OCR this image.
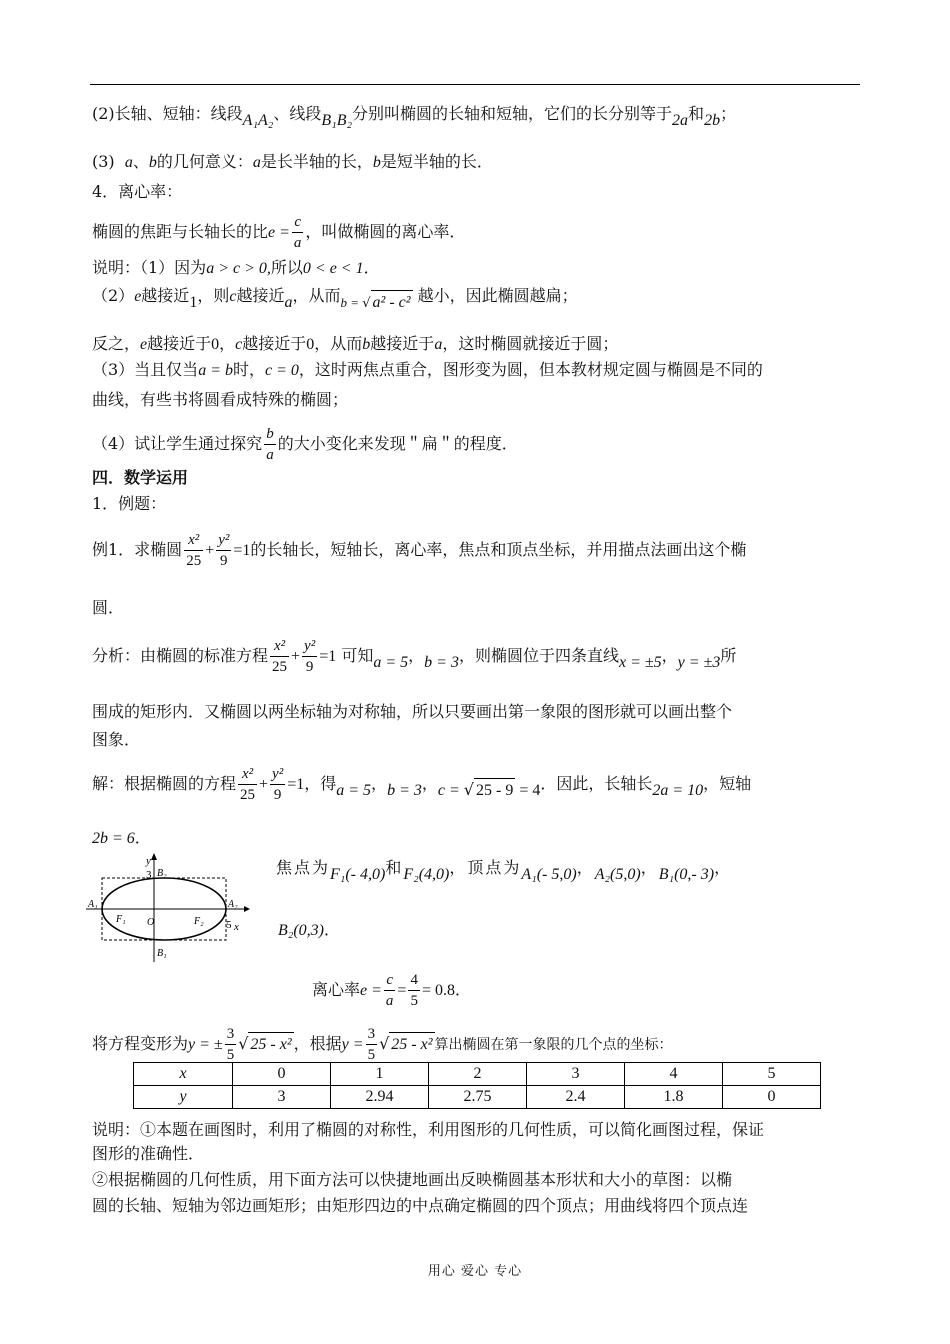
(2)长轴、短轴：线段A₁A₂、线段B₁B₂分别叫椭圆的长轴和短轴，它们的长分别等于2a和2b；
(3) a、b的几何意义：a是长半轴的长，b是短半轴的长．
4．离心率：
椭圆的焦距与长轴长的比$e = \frac{c}{a}$ ，叫做椭圆的离心率．
说明：（1）因为a > c > 0,所以0 < e < 1．
（2）e越接近1，则c越接近a，从而$_{b =}$ $_{√ a^2 - c^2}$ 越小，因此椭圆越扁；
反之，e越接近于0，c越接近于0，从而b越接近于a，这时椭圆就接近于圆；
（3）当且仅当a = b时，c = 0，这时两焦点重合，图形变为圆，但本教材规定圆与椭圆是不同的
曲线，有些书将圆看成特殊的椭圆；
（4）试让学生通过探究 $\frac{b}{a}$ 的大小变化来发现＂扁＂的程度．
四．数学运用
1．例题：
例1．求椭圆 $\frac{\text{x²}}{25} + \frac{\text{y²}}{9} =1$的长轴长，短轴长，离心率，焦点和顶点坐标，并用描点法画出这个椭
圆．
分析：由椭圆的标准方程 $\frac{\text{x²}}{25} + \frac{\text{y²}}{9} =1$ 可知a = 5，b = 3，则椭圆位于四条直线x = ±5，y = ±3所
围成的矩形内．又椭圆以两坐标轴为对称轴，所以只要画出第一象限的图形就可以画出整个
图象．
解：根据椭圆的方程 $\frac{\text{x²}}{25} + \frac{\text{y²}}{9} =1$，得a = 5，b = 3，c = √ 25 - 9 = 4．因此，长轴长2a = 10，短轴
2b = 6．
y
x
3
5
O
A₁	A₂
B₂
B₁
F₁	F₂
焦点为F₁(- 4,0)和F₂(4,0)，顶点为A₁(- 5,0)，A₂(5,0)，B₁(0,- 3)，
B₂(0,3)．
离心率$e = \frac{c}{a} = \frac{4}{5} = 0.8$．
将方程变形为y = ± $\frac{3}{5}$ √ 25 - x² ，根据$y = \frac{3}{5}$ √ 25 - x² 算出椭圆在第一象限的几个点的坐标：
x	0	1	2	3	4	5
y	3	2.94	2.75	2.4	1.8	0
说明：①本题在画图时，利用了椭圆的对称性，利用图形的几何性质，可以简化画图过程，保证
图形的准确性．
②根据椭圆的几何性质，用下面方法可以快捷地画出反映椭圆基本形状和大小的草图：以椭
圆的长轴、短轴为邻边画矩形；由矩形四边的中点确定椭圆的四个顶点；用曲线将四个顶点连
用心 爱心 专心
